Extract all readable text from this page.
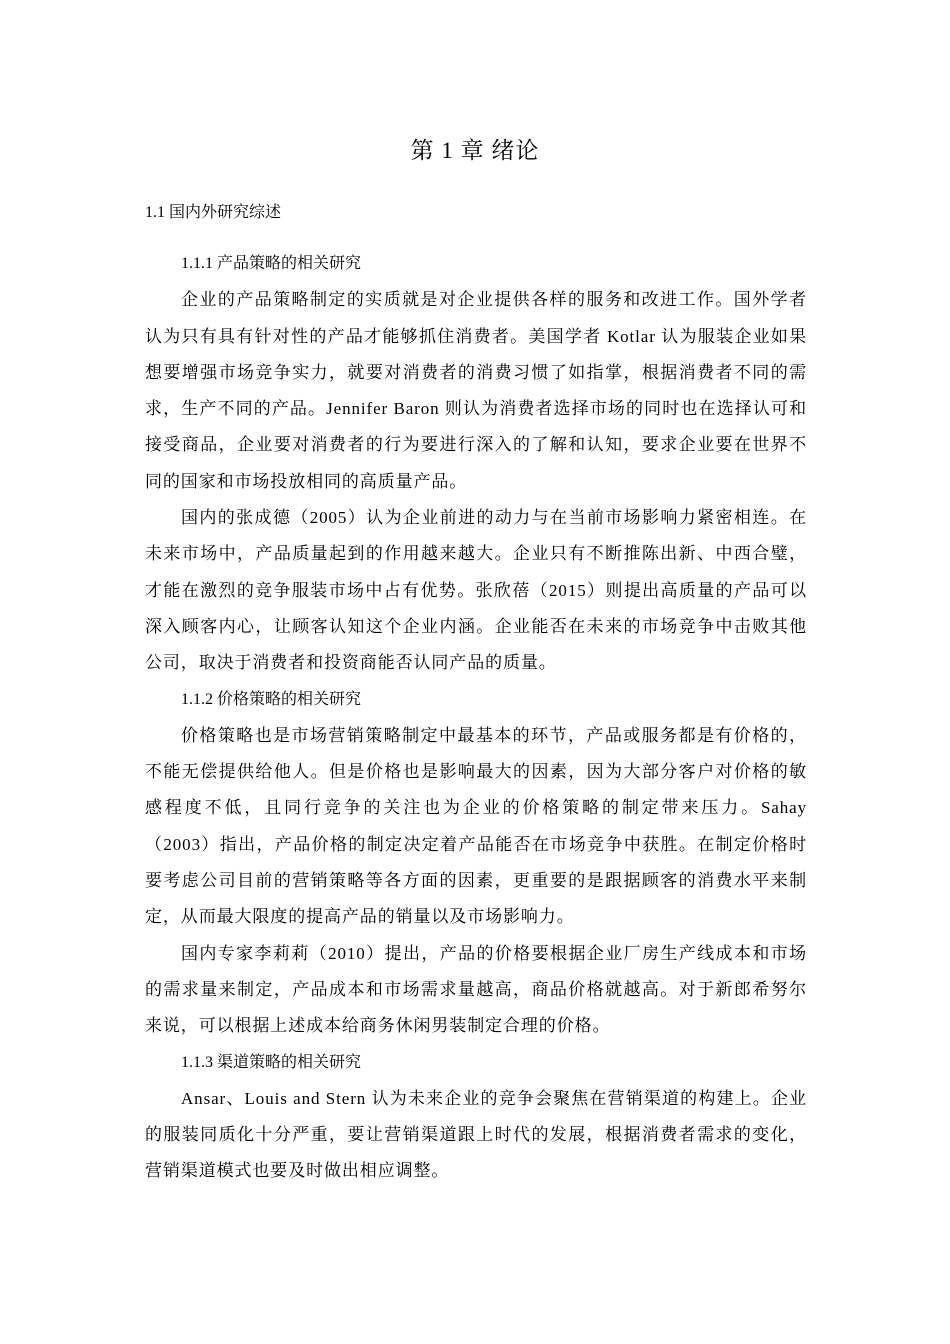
第 1 章 绪论
1.1 国内外研究综述

1.1.1 产品策略的相关研究

企业的产品策略制定的实质就是对企业提供各样的服务和改进工作。国外学者认为只有具有针对性的产品才能够抓住消费者。美国学者 Kotlar 认为服装企业如果想要增强市场竞争实力，就要对消费者的消费习惯了如指掌，根据消费者不同的需求，生产不同的产品。Jennifer Baron 则认为消费者选择市场的同时也在选择认可和接受商品，企业要对消费者的行为要进行深入的了解和认知，要求企业要在世界不同的国家和市场投放相同的高质量产品。

国内的张成德（2005）认为企业前进的动力与在当前市场影响力紧密相连。在未来市场中，产品质量起到的作用越来越大。企业只有不断推陈出新、中西合璧，才能在激烈的竞争服装市场中占有优势。张欣蓓（2015）则提出高质量的产品可以深入顾客内心，让顾客认知这个企业内涵。企业能否在未来的市场竞争中击败其他公司，取决于消费者和投资商能否认同产品的质量。

1.1.2 价格策略的相关研究

价格策略也是市场营销策略制定中最基本的环节，产品或服务都是有价格的，不能无偿提供给他人。但是价格也是影响最大的因素，因为大部分客户对价格的敏感程度不低，且同行竞争的关注也为企业的价格策略的制定带来压力。Sahay（2003）指出，产品价格的制定决定着产品能否在市场竞争中获胜。在制定价格时要考虑公司目前的营销策略等各方面的因素，更重要的是跟据顾客的消费水平来制定，从而最大限度的提高产品的销量以及市场影响力。

国内专家李莉莉（2010）提出，产品的价格要根据企业厂房生产线成本和市场的需求量来制定，产品成本和市场需求量越高，商品价格就越高。对于新郎希努尔来说，可以根据上述成本给商务休闲男装制定合理的价格。

1.1.3 渠道策略的相关研究

Ansar、Louis and Stern 认为未来企业的竞争会聚焦在营销渠道的构建上。企业的服装同质化十分严重，要让营销渠道跟上时代的发展，根据消费者需求的变化，营销渠道模式也要及时做出相应调整。
